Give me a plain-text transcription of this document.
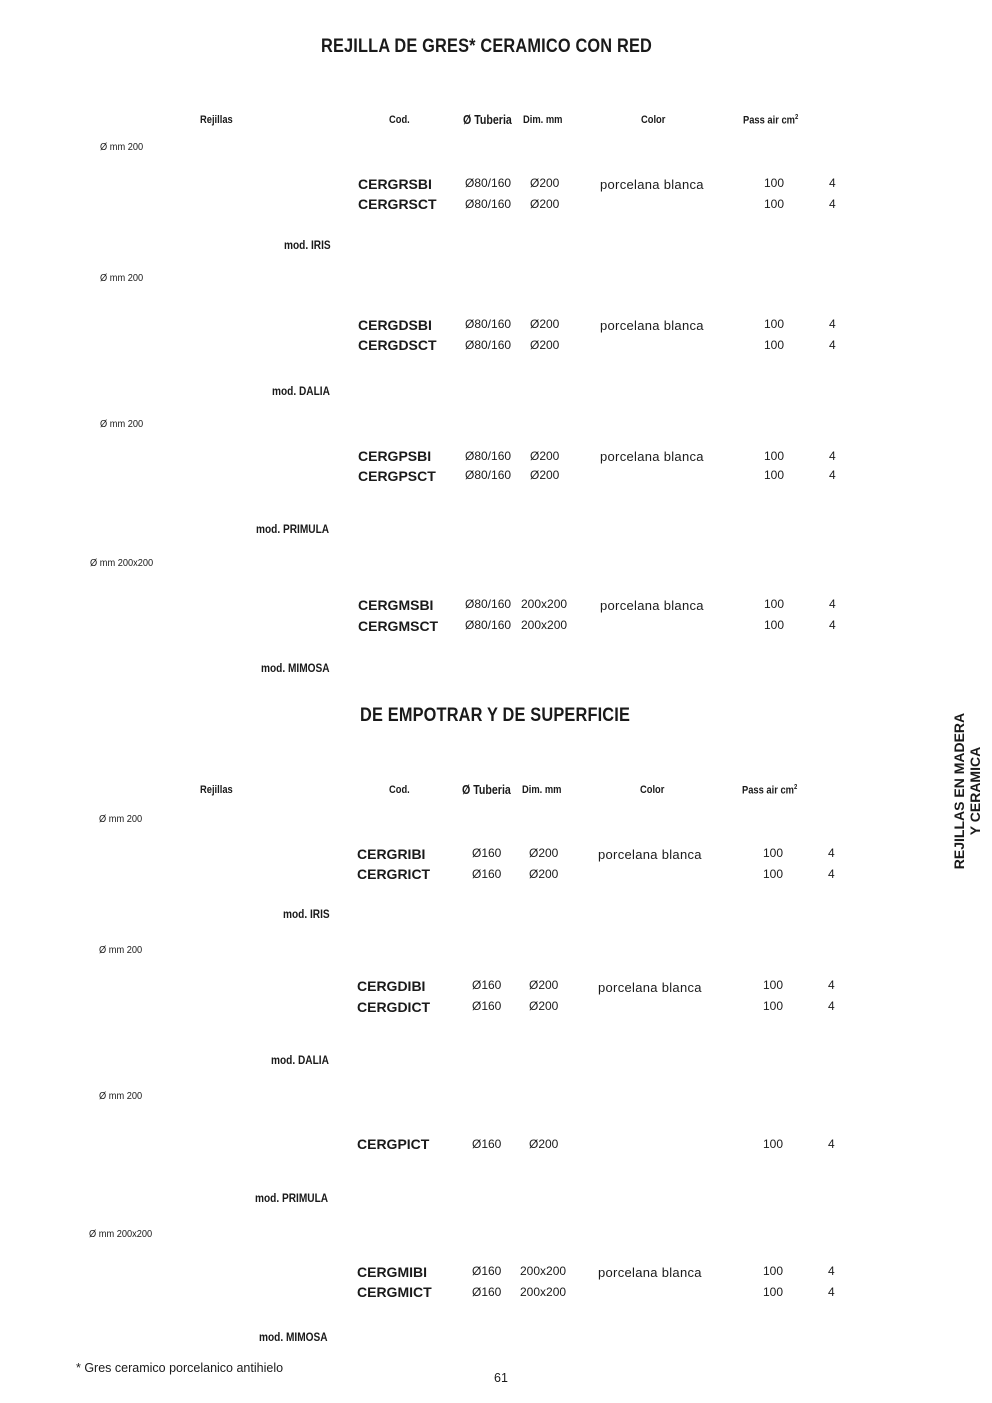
REJILLA DE GRES* CERAMICO CON RED
DE EMPOTRAR Y DE SUPERFICIE
Rejillas	Cod.	Ø Tuberia Dim. mm	Color	Pass air $cm^2$
Rejillas	Cod.	Ø Tuberia Dim. mm	Color	Pass air $cm^2$
Ø mm 200
CERGRSBI	Ø80/160 Ø200	porcelana blanca	100	4
CERGRSCT Ø80/160 Ø200	100	4
mod. IRIS
Ø mm 200
CERGDSBI	Ø80/160 Ø200	porcelana blanca	100	4
CERGDSCT Ø80/160 Ø200	100	4
mod. DALIA
Ø mm 200
CERGPSBI	Ø80/160 Ø200	porcelana blanca	100	4
CERGPSCT Ø80/160 Ø200	100	4
mod. PRIMULA
Ø mm 200x200
CERGMSBI	Ø80/160 200x200	porcelana blanca	100	4
CERGMSCT Ø80/160 200x200	100	4
mod. MIMOSA
Ø mm 200
CERGRIBI	Ø160 Ø200	porcelana blanca	100	4
CERGRICT	Ø160 Ø200	100	4
mod. IRIS
Ø mm 200
CERGDIBI	Ø160 Ø200	porcelana blanca	100	4
CERGDICT	Ø160 Ø200	100	4
mod. DALIA
Ø mm 200
CERGPICT	Ø160 Ø200	100	4
mod. PRIMULA
Ø mm 200x200
CERGMIBI	Ø160 200x200 porcelana blanca	100	4
CERGMICT	Ø160 200x200	100	4
mod. MIMOSA
REJILLAS EN MADERA Y CERAMICA
* Gres ceramico porcelanico antihielo
61
